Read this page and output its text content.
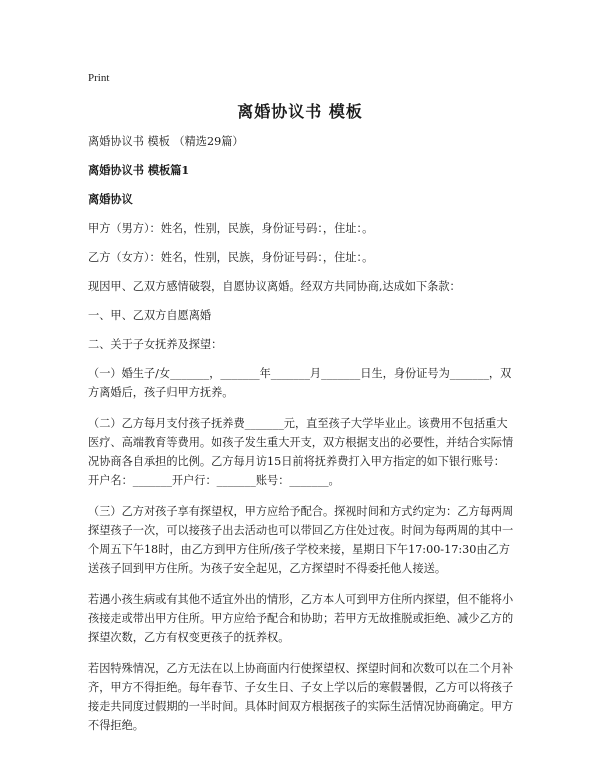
Print
离婚协议书 模板

离婚协议书 模板 （精选29篇）

离婚协议书 模板篇1

离婚协议

甲方（男方）：姓名，性别，民族，身份证号码：，住址：。

乙方（女方）：姓名，性别，民族，身份证号码：，住址：。

现因甲、乙双方感情破裂，自愿协议离婚。经双方共同协商,达成如下条款：

一、甲、乙双方自愿离婚

二、关于子女抚养及探望：

（一）婚生子/女_______，_______年_______月_______日生，身份证号为_______，双方离婚后，孩子归甲方抚养。

（二）乙方每月支付孩子抚养费_______元，直至孩子大学毕业止。该费用不包括重大医疗、高端教育等费用。如孩子发生重大开支，双方根据支出的必要性，并结合实际情况协商各自承担的比例。乙方每月访15日前将抚养费打入甲方指定的如下银行账号：开户名：_______开户行：_______账号：_______。

（三）乙方对孩子享有探望权，甲方应给予配合。探视时间和方式约定为：乙方每两周探望孩子一次，可以接孩子出去活动也可以带回乙方住处过夜。时间为每两周的其中一个周五下午18时，由乙方到甲方住所/孩子学校来接，星期日下午17:00-17:30由乙方送孩子回到甲方住所。为孩子安全起见，乙方探望时不得委托他人接送。

若遇小孩生病或有其他不适宜外出的情形，乙方本人可到甲方住所内探望，但不能将小孩接走或带出甲方住所。甲方应给予配合和协助；若甲方无故推脱或拒绝、减少乙方的探望次数，乙方有权变更孩子的抚养权。

若因特殊情况，乙方无法在以上协商面内行使探望权、探望时间和次数可以在二个月补齐，甲方不得拒绝。每年春节、子女生日、子女上学以后的寒假暑假，乙方可以将孩子接走共同度过假期的一半时间。具体时间双方根据孩子的实际生活情况协商确定。甲方不得拒绝。
